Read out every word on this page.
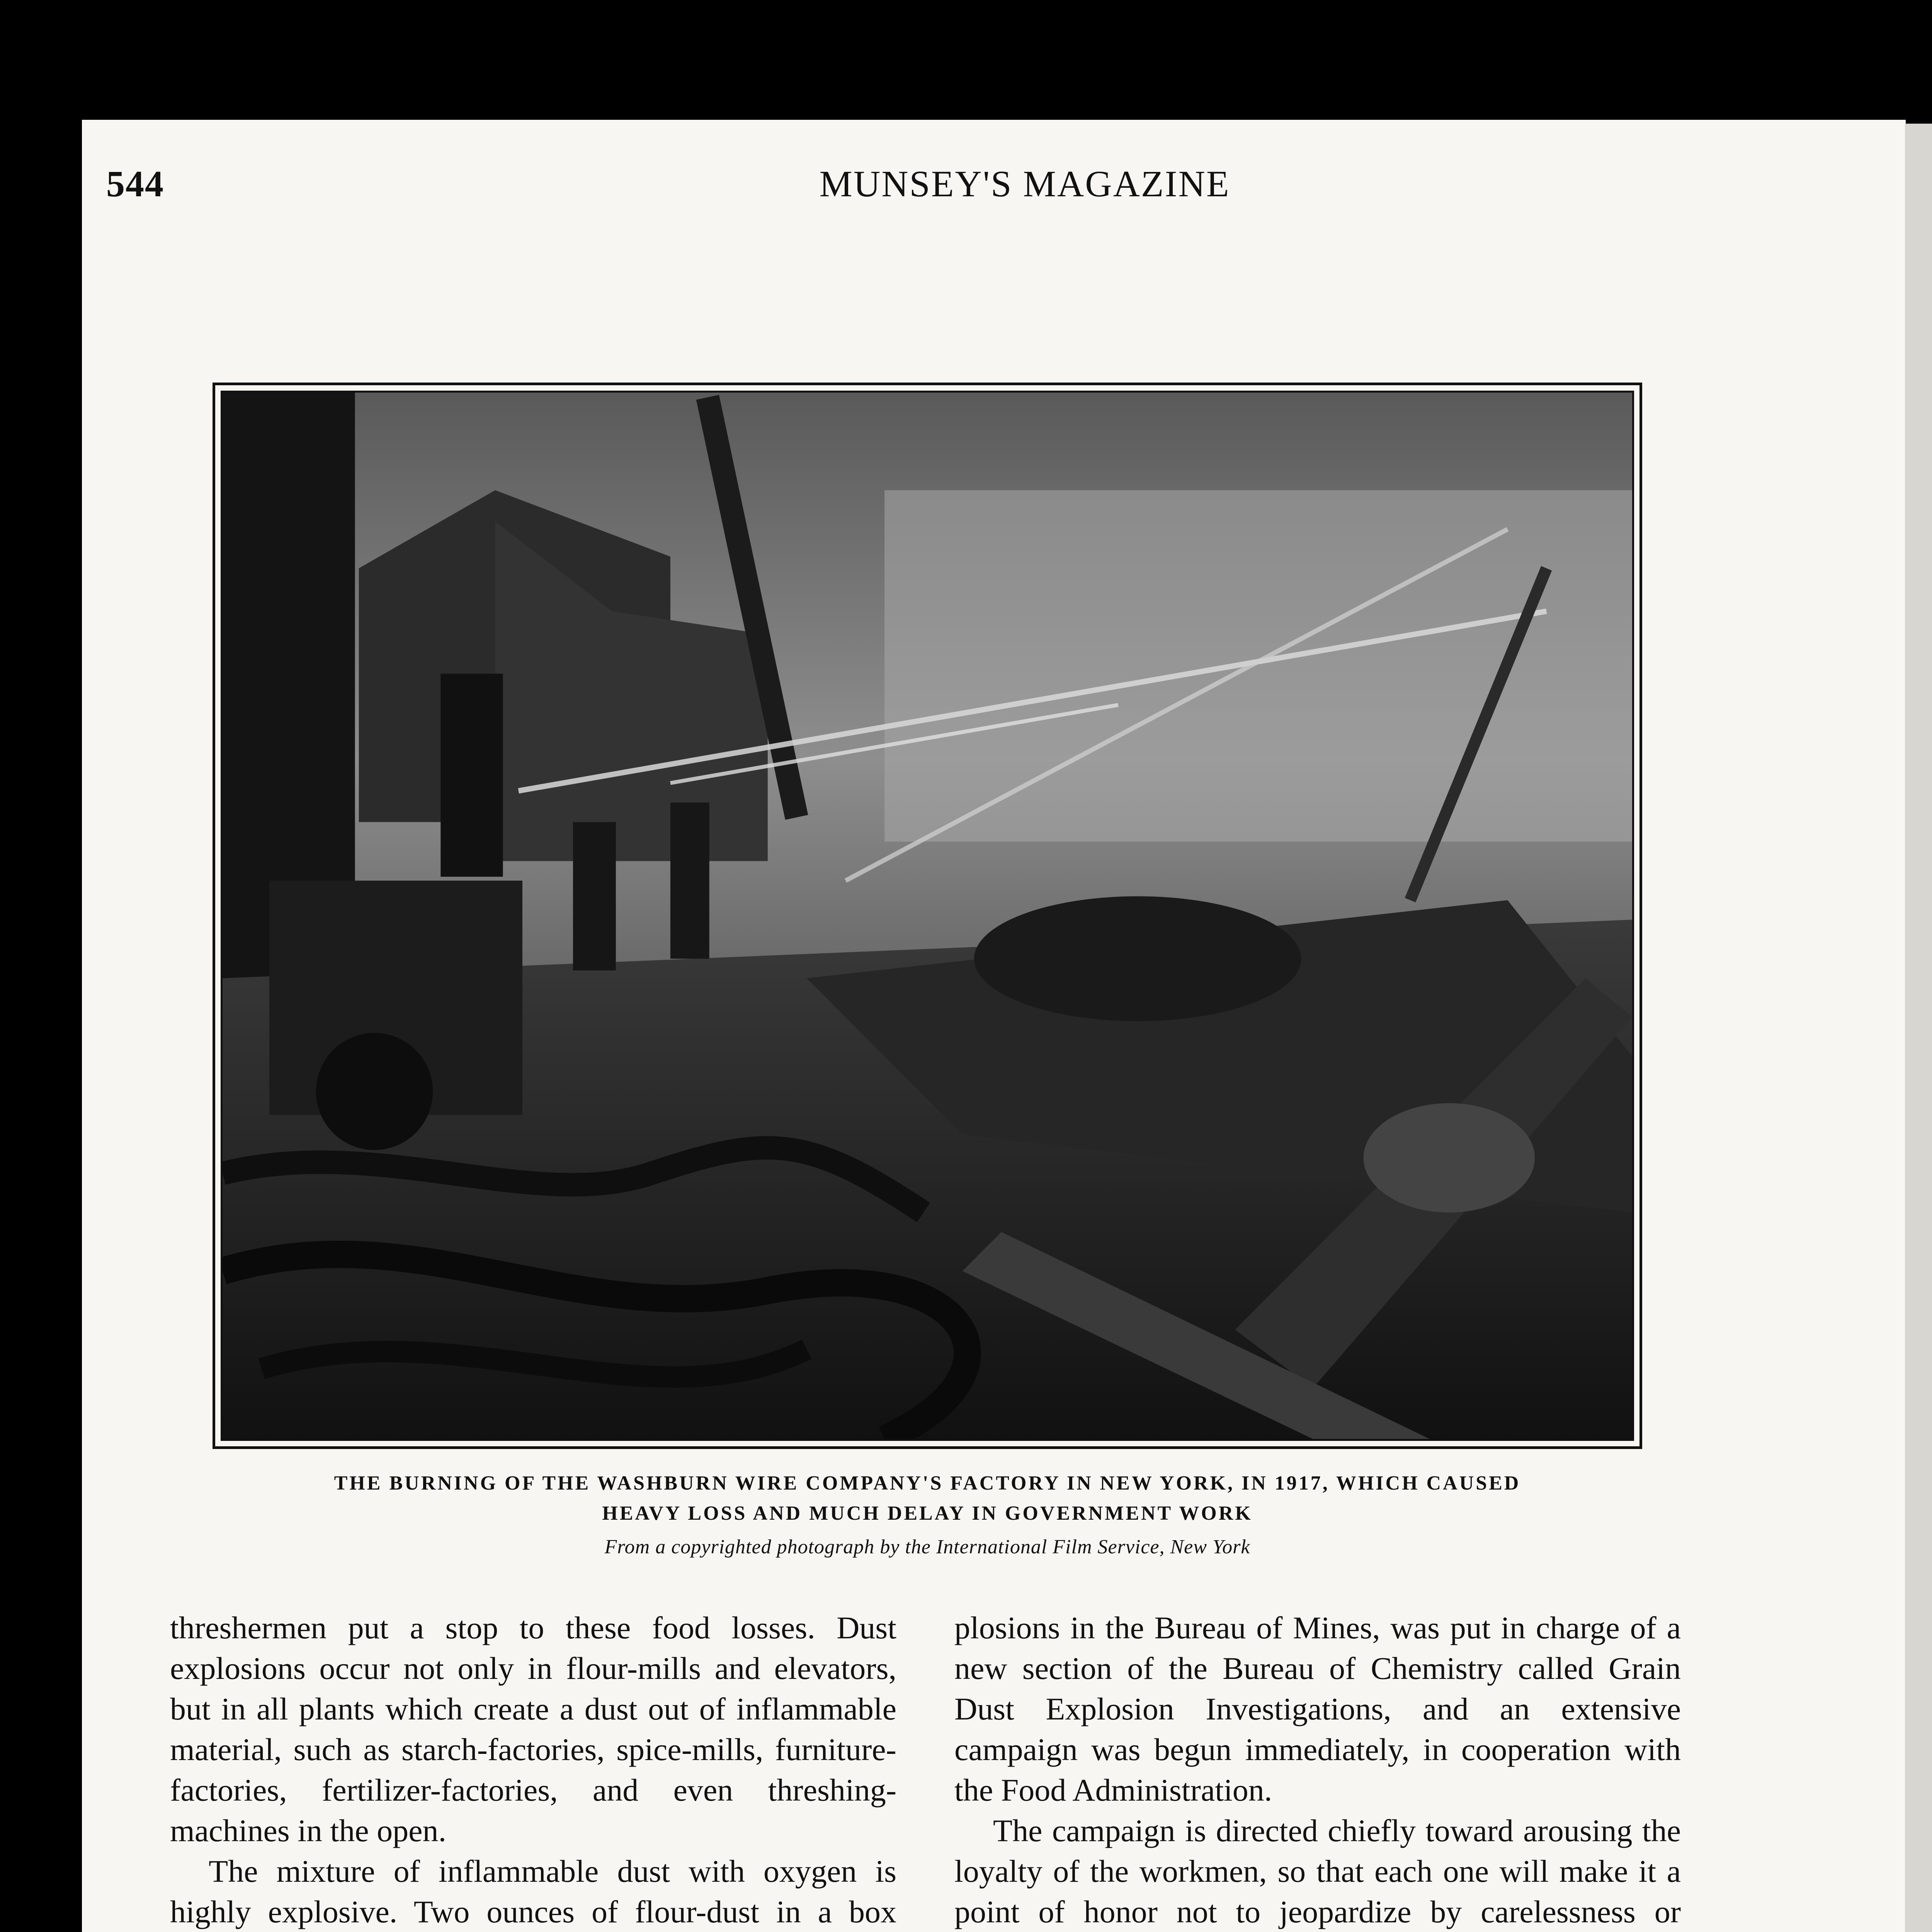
544	MUNSEY'S MAGAZINE
THE BURNING OF THE WASHBURN WIRE COMPANY'S FACTORY IN NEW YORK, IN 1917, WHICH CAUSED
HEAVY LOSS AND MUCH DELAY IN GOVERNMENT WORK
From a copyrighted photograph by the International Film Service, New York

threshermen put a stop to these food losses. Dust explosions occur not only in flour-mills and elevators, but in all plants which create a dust out of inflammable material, such as starch-factories, spice-mills, furniture-factories, fertilizer-factories, and even threshing-machines in the open.

The mixture of inflammable dust with oxygen is highly explosive. Two ounces of flour-dust in a box

plosions in the Bureau of Mines, was put in charge of a new section of the Bureau of Chemistry called Grain Dust Explosion Investigations, and an extensive campaign was begun immediately, in cooperation with the Food Administration.

The campaign is directed chiefly toward arousing the loyalty of the workmen, so that each one will make it a point of honor not to jeopardize by carelessness or
